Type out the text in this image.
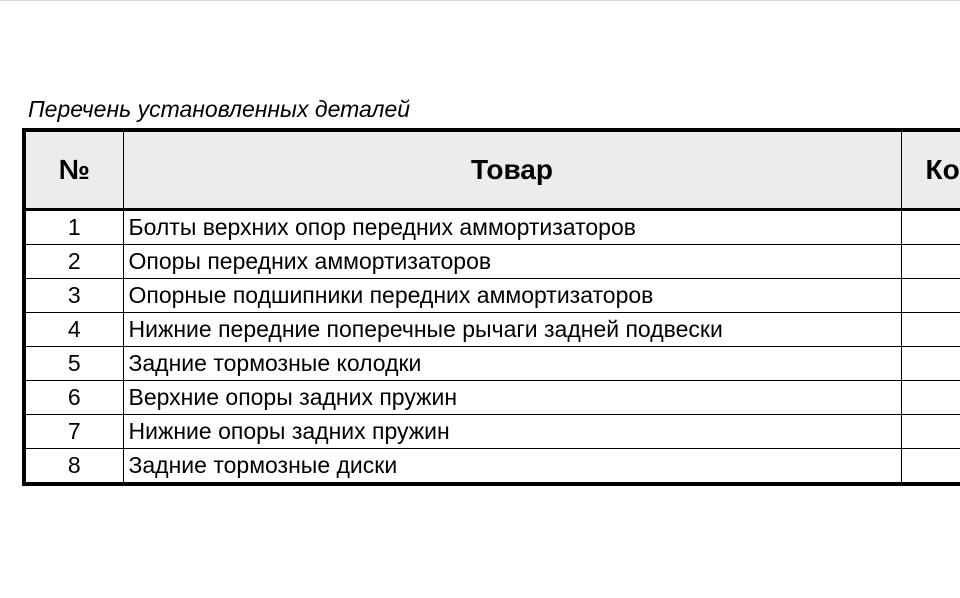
Перечень установленных деталей
№	Товар	Ко
1	Болты верхних опор передних аммортизаторов	
2	Опоры передних аммортизаторов	
3	Опорные подшипники передних аммортизаторов	
4	Нижние передние поперечные рычаги задней подвески	
5	Задние тормозные колодки	
6	Верхние опоры задних пружин	
7	Нижние опоры задних пружин	
8	Задние тормозные диски	
